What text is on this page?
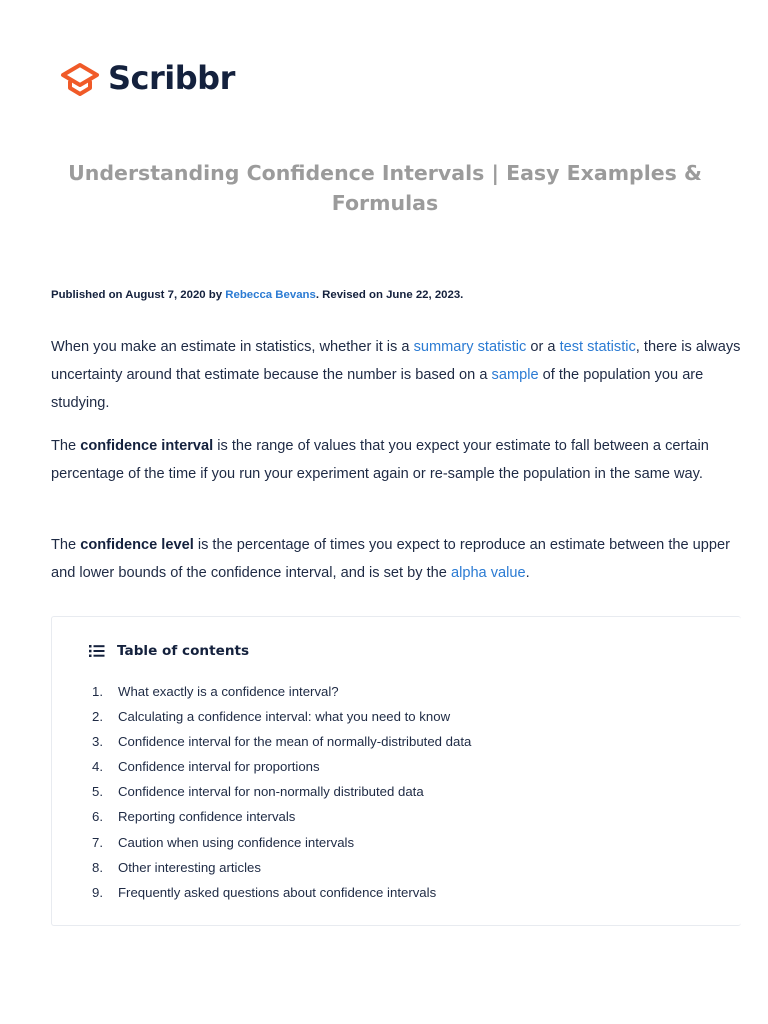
Scribbr
Understanding Confidence Intervals | Easy Examples & Formulas
Published on August 7, 2020 by Rebecca Bevans. Revised on June 22, 2023.

When you make an estimate in statistics, whether it is a summary statistic or a test statistic, there is always uncertainty around that estimate because the number is based on a sample of the population you are studying.

The confidence interval is the range of values that you expect your estimate to fall between a certain percentage of the time if you run your experiment again or re-sample the population in the same way.

The confidence level is the percentage of times you expect to reproduce an estimate between the upper and lower bounds of the confidence interval, and is set by the alpha value.

Table of contents
1.	What exactly is a confidence interval?
2.	Calculating a confidence interval: what you need to know
3.	Confidence interval for the mean of normally-distributed data
4.	Confidence interval for proportions
5.	Confidence interval for non-normally distributed data
6.	Reporting confidence intervals
7.	Caution when using confidence intervals
8.	Other interesting articles
9.	Frequently asked questions about confidence intervals
